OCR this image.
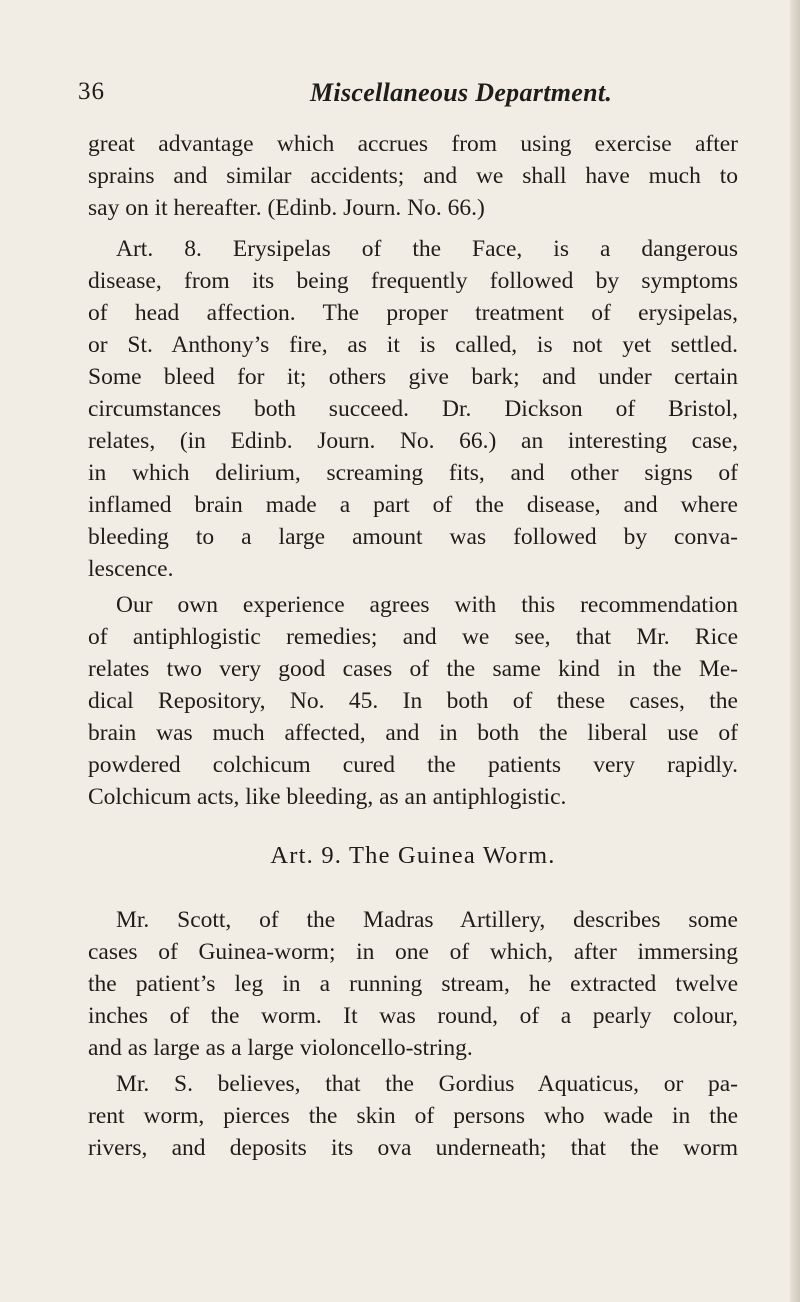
36	Miscellaneous Department.
great advantage which accrues from using exercise after
sprains and similar accidents; and we shall have much to
say on it hereafter. (Edinb. Journ. No. 66.)
Art. 8. Erysipelas of the Face, is a dangerous
disease, from its being frequently followed by symptoms
of head affection. The proper treatment of erysipelas,
or St. Anthony’s fire, as it is called, is not yet settled.
Some bleed for it; others give bark; and under certain
circumstances both succeed. Dr. Dickson of Bristol,
relates, (in Edinb. Journ. No. 66.) an interesting case,
in which delirium, screaming fits, and other signs of
inflamed brain made a part of the disease, and where
bleeding to a large amount was followed by conva-
lescence.
Our own experience agrees with this recommendation
of antiphlogistic remedies; and we see, that Mr. Rice
relates two very good cases of the same kind in the Me-
dical Repository, No. 45. In both of these cases, the
brain was much affected, and in both the liberal use of
powdered colchicum cured the patients very rapidly.
Colchicum acts, like bleeding, as an antiphlogistic.
Art. 9. The Guinea Worm.
Mr. Scott, of the Madras Artillery, describes some
cases of Guinea-worm; in one of which, after immersing
the patient’s leg in a running stream, he extracted twelve
inches of the worm. It was round, of a pearly colour,
and as large as a large violoncello-string.
Mr. S. believes, that the Gordius Aquaticus, or pa-
rent worm, pierces the skin of persons who wade in the
rivers, and deposits its ova underneath; that the worm
